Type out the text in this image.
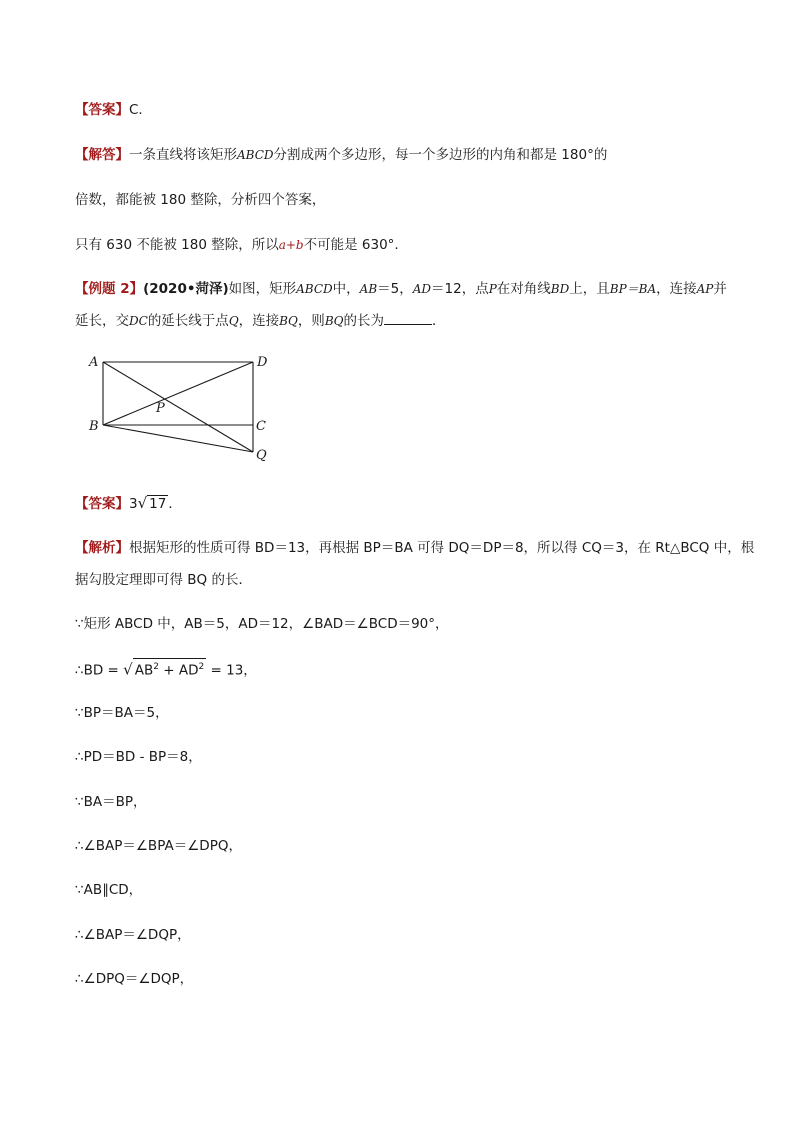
【答案】C．
【解答】一条直线将该矩形ABCD分割成两个多边形，每一个多边形的内角和都是 180°的
倍数，都能被 180 整除，分析四个答案，
只有 630 不能被 180 整除，所以a+b不可能是 630°.
【例题 2】(2020•菏泽)如图，矩形ABCD中，AB＝5，AD＝12，点P在对角线BD上，且BP＝BA，连接AP并
延长，交DC的延长线于点Q，连接BQ，则BQ的长为	．
A	D
B	C
P
Q
【答案】3√ 17 ．
【解析】根据矩形的性质可得 BD＝13，再根据 BP＝BA 可得 DQ＝DP＝8，所以得 CQ＝3，在 Rt△BCQ 中，根
据勾股定理即可得 BQ 的长．
∵矩形 ABCD 中，AB＝5，AD＝12，∠BAD＝∠BCD＝90°，
∴BD = √ $AB^2 + AD^2 = 13$，
∵BP＝BA＝5，
∴PD＝BD - BP＝8，
∵BA＝BP，
∴∠BAP＝∠BPA＝∠DPQ，
∵AB∥CD，
∴∠BAP＝∠DQP，
∴∠DPQ＝∠DQP，
